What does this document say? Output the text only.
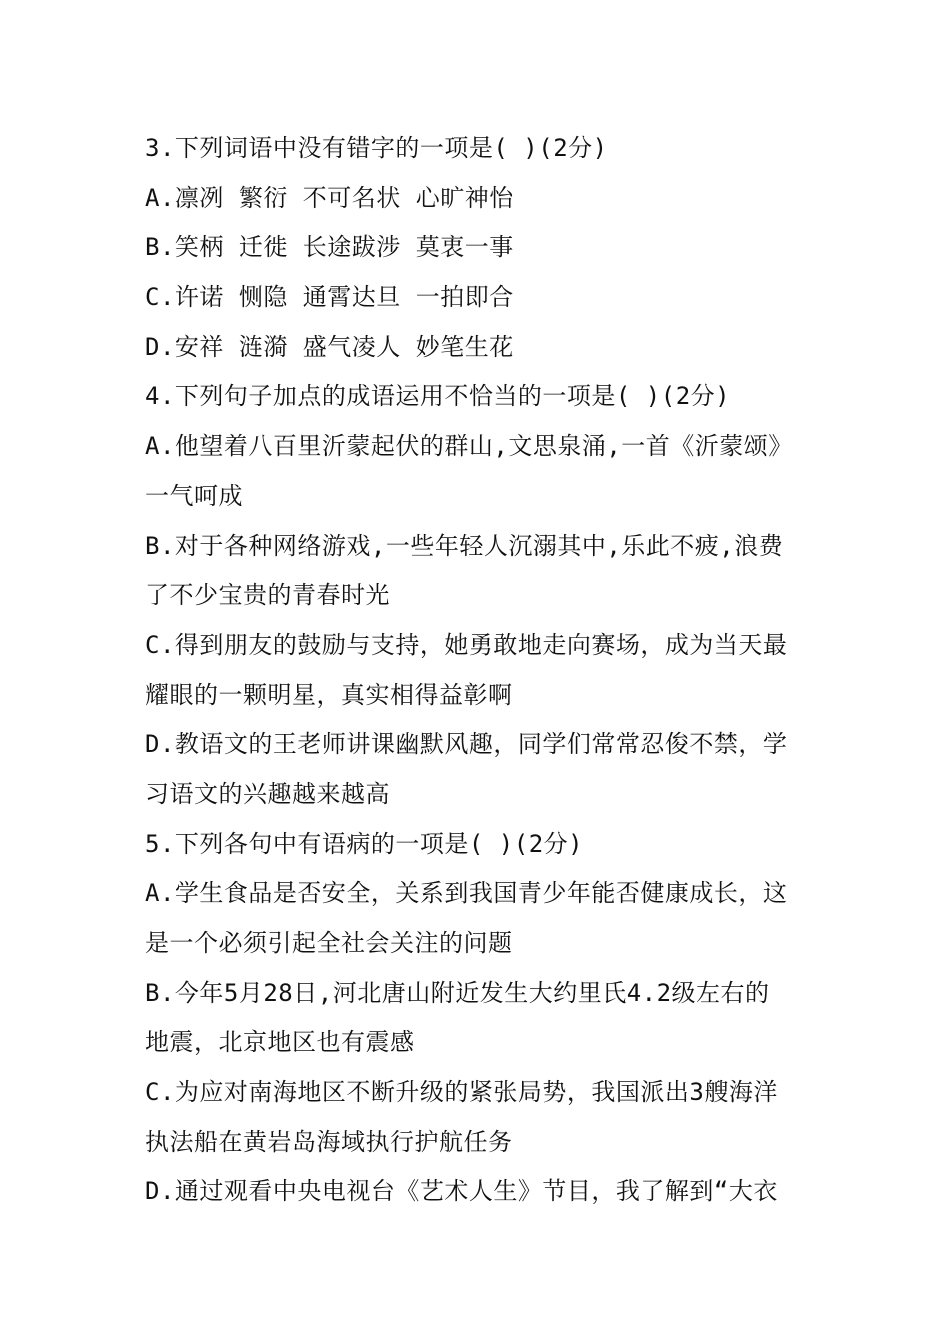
3.下列词语中没有错字的一项是( )(2分)
A.凛冽 繁衍 不可名状 心旷神怡
B.笑柄 迁徙 长途跋涉 莫衷一事
C.许诺 恻隐 通霄达旦 一拍即合
D.安祥 涟漪 盛气凌人 妙笔生花
4.下列句子加点的成语运用不恰当的一项是( )(2分)
A.他望着八百里沂蒙起伏的群山,文思泉涌,一首《沂蒙颂》
一气呵成
B.对于各种网络游戏,一些年轻人沉溺其中,乐此不疲,浪费
了不少宝贵的青春时光
C.得到朋友的鼓励与支持，她勇敢地走向赛场，成为当天最
耀眼的一颗明星，真实相得益彰啊
D.教语文的王老师讲课幽默风趣，同学们常常忍俊不禁，学
习语文的兴趣越来越高
5.下列各句中有语病的一项是( )(2分)
A.学生食品是否安全，关系到我国青少年能否健康成长，这
是一个必须引起全社会关注的问题
B.今年5月28日,河北唐山附近发生大约里氏4.2级左右的
地震，北京地区也有震感
C.为应对南海地区不断升级的紧张局势，我国派出3艘海洋
执法船在黄岩岛海域执行护航任务
D.通过观看中央电视台《艺术人生》节目，我了解到“大衣
